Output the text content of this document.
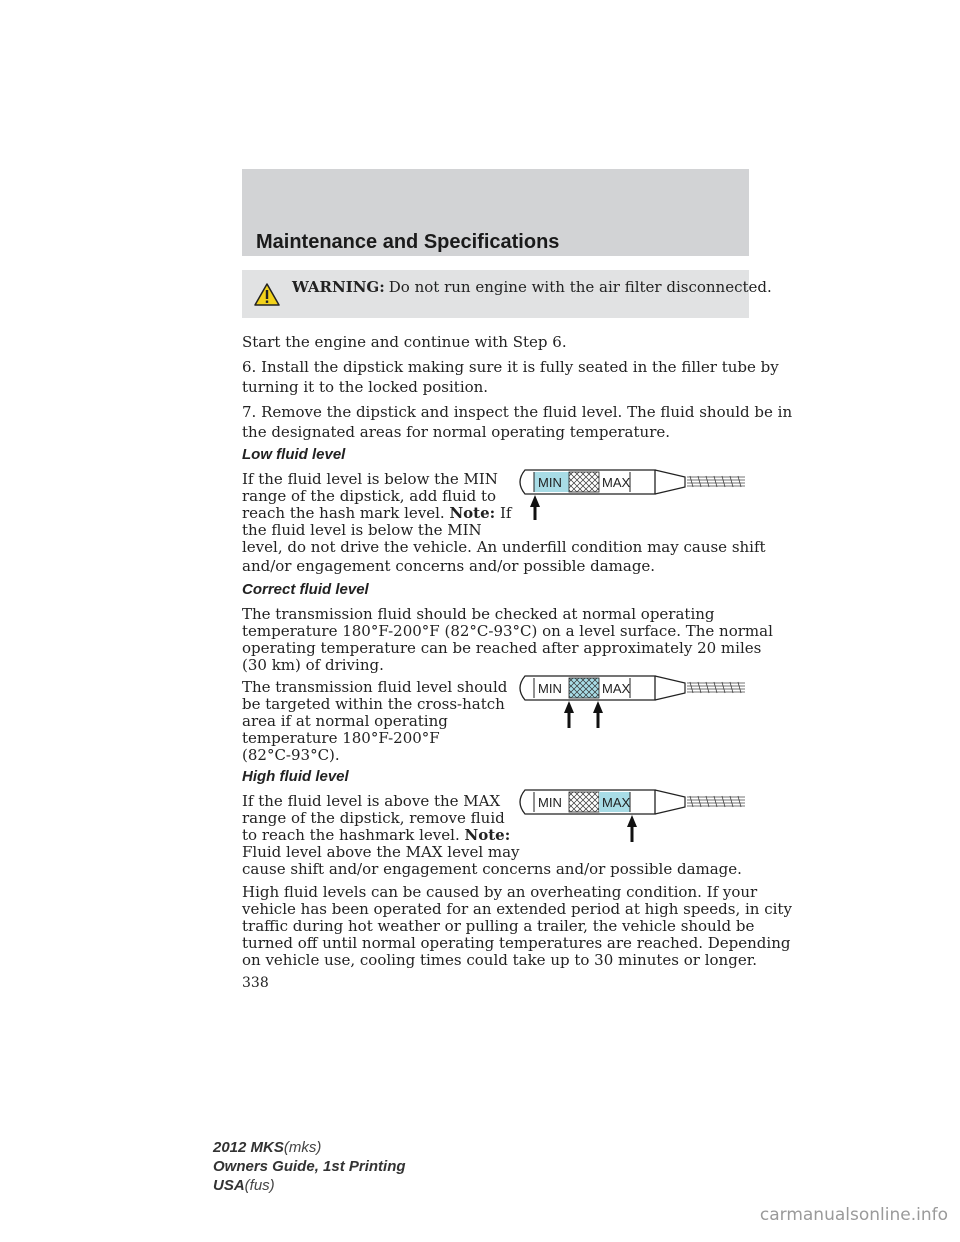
Maintenance and Specifications
WARNING: Do not run engine with the air filter disconnected.
Start the engine and continue with Step 6.
6. Install the dipstick making sure it is fully seated in the filler tube by
turning it to the locked position.
7. Remove the dipstick and inspect the fluid level. The fluid should be in
the designated areas for normal operating temperature.
Low fluid level
If the fluid level is below the MIN
range of the dipstick, add fluid to
reach the hash mark level. Note: If
the fluid level is below the MIN
level, do not drive the vehicle. An underfill condition may cause shift
and/or engagement concerns and/or possible damage.
MIN	MAX
Correct fluid level
The transmission fluid should be checked at normal operating
temperature 180°F-200°F (82°C-93°C) on a level surface. The normal
operating temperature can be reached after approximately 20 miles
(30 km) of driving.
The transmission fluid level should
be targeted within the cross-hatch
area if at normal operating
temperature 180°F-200°F
(82°C-93°C).
MIN	MAX
High fluid level
If the fluid level is above the MAX
range of the dipstick, remove fluid
to reach the hashmark level. Note:
Fluid level above the MAX level may
cause shift and/or engagement concerns and/or possible damage.
High fluid levels can be caused by an overheating condition. If your
vehicle has been operated for an extended period at high speeds, in city
traffic during hot weather or pulling a trailer, the vehicle should be
turned off until normal operating temperatures are reached. Depending
on vehicle use, cooling times could take up to 30 minutes or longer.
MIN	MAX
338
2012 MKS(mks)
Owners Guide, 1st Printing
USA(fus)
carmanualsonline.info
